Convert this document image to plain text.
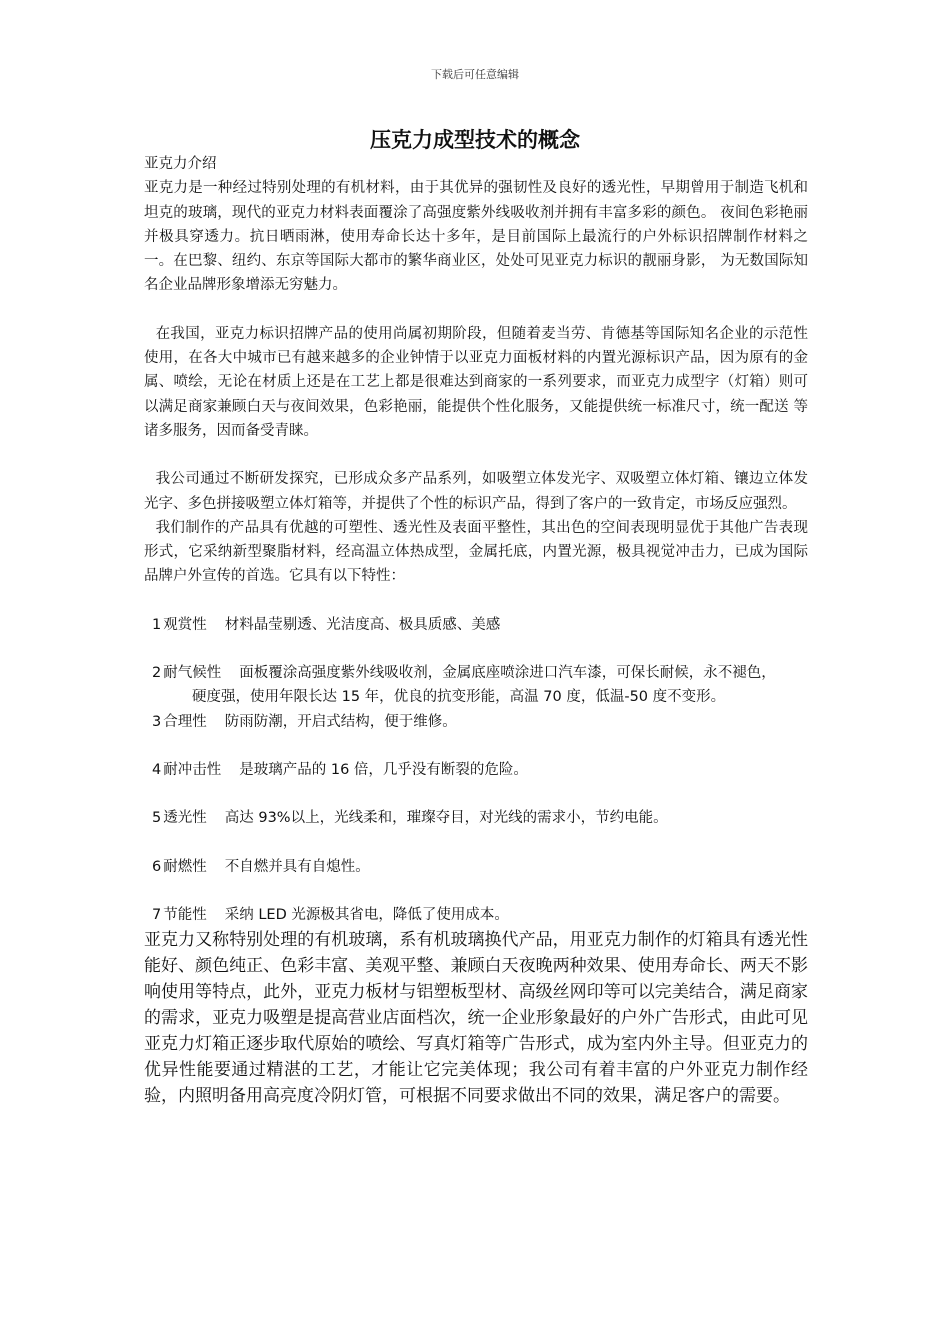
下载后可任意编辑
压克力成型技术的概念

亚克力介绍

亚克力是一种经过特别处理的有机材料，由于其优异的强韧性及良好的透光性，早期曾用于制造飞机和坦克的玻璃，现代的亚克力材料表面覆涂了高强度紫外线吸收剂并拥有丰富多彩的颜色。 夜间色彩艳丽并极具穿透力。抗日晒雨淋，使用寿命长达十多年，是目前国际上最流行的户外标识招牌制作材料之一。在巴黎、纽约、东京等国际大都市的繁华商业区，处处可见亚克力标识的靓丽身影， 为无数国际知名企业品牌形象增添无穷魅力。

在我国，亚克力标识招牌产品的使用尚属初期阶段，但随着麦当劳、肯德基等国际知名企业的示范性使用，在各大中城市已有越来越多的企业钟情于以亚克力面板材料的内置光源标识产品，因为原有的金属、喷绘，无论在材质上还是在工艺上都是很难达到商家的一系列要求，而亚克力成型字（灯箱）则可以满足商家兼顾白天与夜间效果，色彩艳丽，能提供个性化服务，又能提供统一标准尺寸，统一配送 等诸多服务，因而备受青睐。

我公司通过不断研发探究，已形成众多产品系列，如吸塑立体发光字、双吸塑立体灯箱、镶边立体发光字、多色拼接吸塑立体灯箱等，并提供了个性的标识产品，得到了客户的一致肯定，市场反应强烈。

我们制作的产品具有优越的可塑性、透光性及表面平整性，其出色的空间表现明显优于其他广告表现形式，它采纳新型聚脂材料，经高温立体热成型，金属托底，内置光源，极具视觉冲击力，已成为国际品牌户外宣传的首选。它具有以下特性：

1 观赏性 材料晶莹剔透、光洁度高、极具质感、美感

2 耐气候性 面板覆涂高强度紫外线吸收剂，金属底座喷涂进口汽车漆，可保长耐候，永不褪色，

硬度强，使用年限长达 15 年，优良的抗变形能，高温 70 度，低温-50 度不变形。

3 合理性 防雨防潮，开启式结构，便于维修。

4 耐冲击性 是玻璃产品的 16 倍，几乎没有断裂的危险。

5 透光性 高达 93%以上，光线柔和，璀璨夺目，对光线的需求小，节约电能。

6 耐燃性 不自燃并具有自熄性。

7 节能性 采纳 LED 光源极其省电，降低了使用成本。

亚克力又称特别处理的有机玻璃，系有机玻璃换代产品，用亚克力制作的灯箱具有透光性能好、颜色纯正、色彩丰富、美观平整、兼顾白天夜晚两种效果、使用寿命长、两天不影响使用等特点，此外，亚克力板材与铝塑板型材、高级丝网印等可以完美结合，满足商家的需求，亚克力吸塑是提高营业店面档次，统一企业形象最好的户外广告形式，由此可见亚克力灯箱正逐步取代原始的喷绘、写真灯箱等广告形式，成为室内外主导。但亚克力的优异性能要通过精湛的工艺，才能让它完美体现；我公司有着丰富的户外亚克力制作经验，内照明备用高亮度冷阴灯管，可根据不同要求做出不同的效果，满足客户的需要。
